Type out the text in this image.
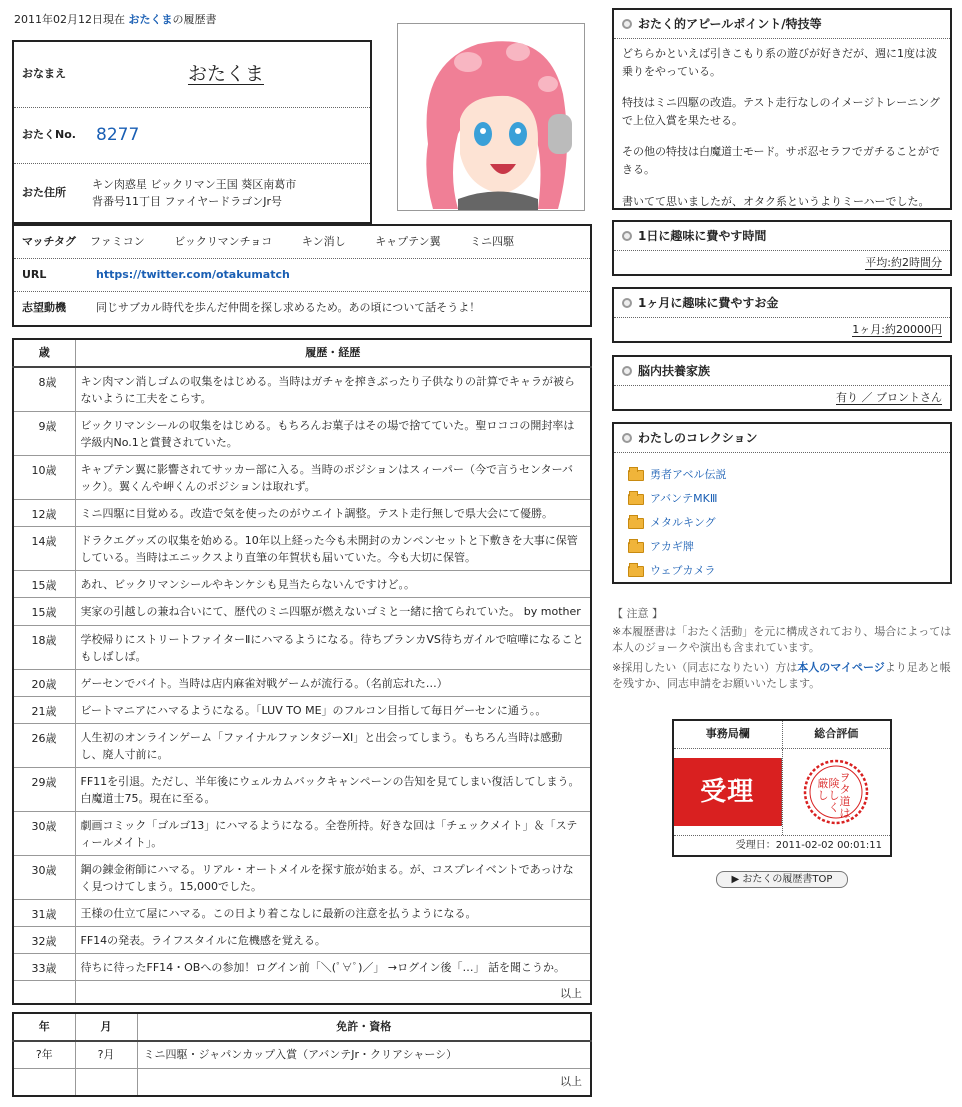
2011年02月12日現在 おたくまの履歴書
おなまえ	おたくま
おたくNo.	8277
おた住所
キン肉惑星 ビックリマン王国 葵区南葛市
背番号11丁目 ファイヤードラゴンJr号
マッチタグ	ファミコン	ビックリマンチョコ	キン消し	キャプテン翼	ミニ四駆
URL	https://twitter.com/otakumatch
志望動機	同じサブカル時代を歩んだ仲間を探し求めるため。あの頃について話そうよ！
歳	履歴・経歴
8歳	キン肉マン消しゴムの収集をはじめる。当時はガチャを搾きぶったり子供なりの計算でキャラが被らないように工夫をこらす。
9歳	ビックリマンシールの収集をはじめる。もちろんお菓子はその場で捨てていた。聖ロココの開封率は学級内No.1と賞賛されていた。
10歳	キャプテン翼に影響されてサッカー部に入る。当時のポジションはスィーパー（今で言うセンターバック）。翼くんや岬くんのポジションは取れず。
12歳	ミニ四駆に目覚める。改造で気を使ったのがウエイト調整。テスト走行無しで県大会にて優勝。
14歳	ドラクエグッズの収集を始める。10年以上経った今も未開封のカンペンセットと下敷きを大事に保管している。当時はエニックスより直筆の年賀状も届いていた。今も大切に保管。
15歳	あれ、ビックリマンシールやキンケシも見当たらないんですけど。。
15歳	実家の引越しの兼ね合いにて、歴代のミニ四駆が燃えないゴミと一緒に捨てられていた。 by mother
18歳	学校帰りにストリートファイターⅡにハマるようになる。待ちブランカVS待ちガイルで喧嘩になることもしばしば。
20歳	ゲーセンでバイト。当時は店内麻雀対戦ゲームが流行る。（名前忘れた…）
21歳	ビートマニアにハマるようになる。「LUV TO ME」のフルコン目指して毎日ゲーセンに通う。。
26歳	人生初のオンラインゲーム「ファイナルファンタジーXI」と出会ってしまう。もちろん当時は感動し、廃人寸前に。
29歳	FF11を引退。ただし、半年後にウェルカムバックキャンペーンの告知を見てしまい復活してしまう。白魔道士75。現在に至る。
30歳	劇画コミック「ゴルゴ13」にハマるようになる。全巻所持。好きな回は「チェックメイト」＆「スティールメイト」。
30歳	鋼の錬金術師にハマる。リアル・オートメイルを探す旅が始まる。が、コスプレイベントであっけなく見つけてしまう。15,000でした。
31歳	王様の仕立て屋にハマる。この日より着こなしに最新の注意を払うようになる。
32歳	FF14の発表。ライフスタイルに危機感を覚える。
33歳	待ちに待ったFF14・OBへの参加！ログイン前「＼(ﾟ∀ﾟ)／」 →ログイン後「…」 話を聞こうか。
	以上
年	月	免許・資格
?年	?月	ミニ四駆・ジャパンカップ入賞（アバンテJr・クリアシャーシ）
		以上
おたく的アピールポイント/特技等

どちらかといえば引きこもり系の遊びが好きだが、週に1度は波乗りをやっている。

特技はミニ四駆の改造。テスト走行なしのイメージトレーニングで上位入賞を果たせる。

その他の特技は白魔道士モード。サポ忍セラフでガチることができる。

書いてて思いましたが、オタク系というよりミーハーでした。

1日に趣味に費やす時間
平均:約2時間分
1ヶ月に趣味に費やすお金
1ヶ月:約20000円
脳内扶養家族
有り ／ ブロントさん
わたしのコレクション
勇者アベル伝説
アバンテMKⅢ
メタルキング
アカギ牌
ウェブカメラ
【 注意 】
※本履歴書は「おたく活動」を元に構成されており、場合によっては本人のジョークや演出も含まれています。
※採用したい（同志になりたい）方は本人のマイページより足あと帳を残すか、同志申請をお願いいたします。
事務局欄	総合評価
受理	ヲ
タ
道
は
険
し
く
厳
し
受理日：2011-02-02 00:01:11
▶ おたくの履歴書TOP
